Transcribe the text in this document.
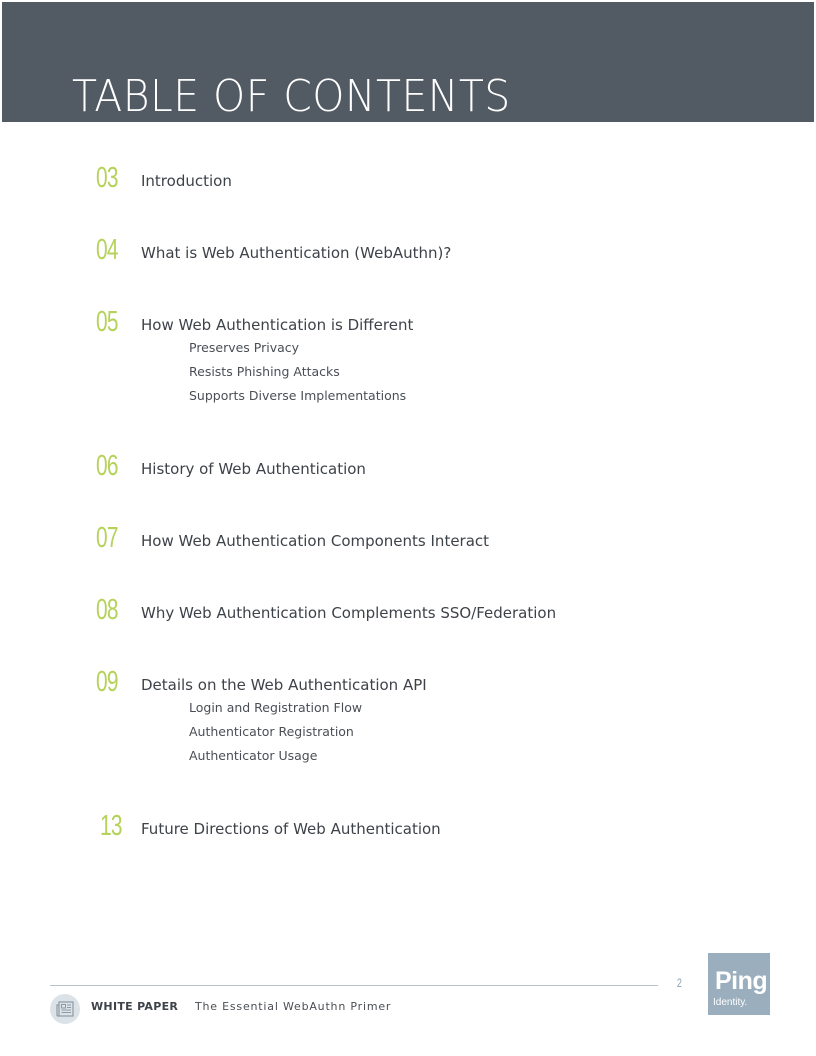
TABLE OF CONTENTS
03 Introduction
04 What is Web Authentication (WebAuthn)?
05 How Web Authentication is Different
Preserves Privacy
Resists Phishing Attacks
Supports Diverse Implementations
06 History of Web Authentication
07 How Web Authentication Components Interact
08 Why Web Authentication Complements SSO/Federation
09 Details on the Web Authentication API
Login and Registration Flow
Authenticator Registration
Authenticator Usage
13 Future Directions of Web Authentication
2 Ping
Identity.
WHITE PAPER The Essential WebAuthn Primer
